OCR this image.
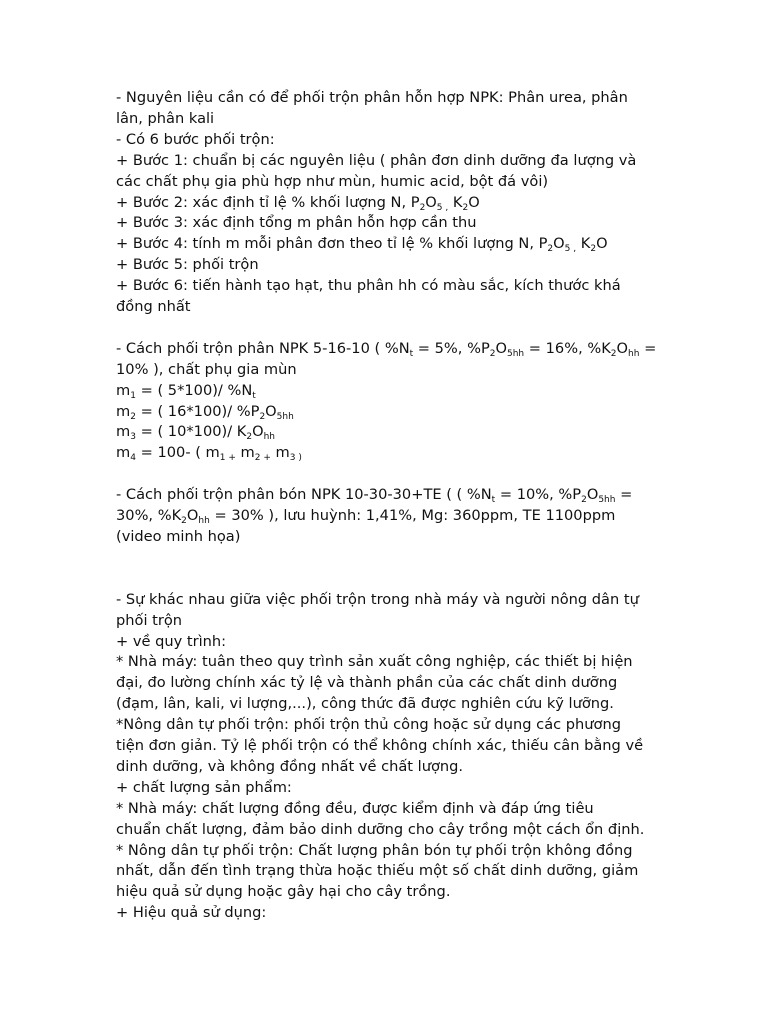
- Nguyên liệu cần có để phối trộn phân hỗn hợp NPK: Phân urea, phân
lân, phân kali
- Có 6 bước phối trộn:
+ Bước 1: chuẩn bị các nguyên liệu ( phân đơn dinh dưỡng đa lượng và
các chất phụ gia phù hợp như mùn, humic acid, bột đá vôi)
+ Bước 2: xác định tỉ lệ % khối lượng N, $P_2O_{5 ,}$ $K_2O$
+ Bước 3: xác định tổng m phân hỗn hợp cần thu
+ Bước 4: tính m mỗi phân đơn theo tỉ lệ % khối lượng N, $P_2O_{5 ,}$ $K_2O$
+ Bước 5: phối trộn
+ Bước 6: tiến hành tạo hạt, thu phân hh có màu sắc, kích thước khá
đồng nhất
- Cách phối trộn phân NPK 5-16-10 ( $\%N_t = 5\%$, $\%P_2O_{5hh} = 16\%$, $\%K_2O_{hh}$ =
10% ), chất phụ gia mùn
$m_1$ = ( 5*100)/ $\%N_t$
$m_2$ = ( 16*100)/ $\%P_2O_{5hh}$
$m_3$ = ( 10*100)/ $K_2O_{hh}$
$m_4 = 100-$ ( $m_{1 +}$ $m_{2 +}$ $m_{3 )}$
- Cách phối trộn phân bón NPK 10-30-30+TE ( ( $\%N_t = 10\%$, $\%P_2O_{5hh}$ =
30%, $\%K_2O_{hh} = 30\%$ ), lưu huỳnh: 1,41%, Mg: 360ppm, TE 1100ppm
(video minh họa)
- Sự khác nhau giữa việc phối trộn trong nhà máy và người nông dân tự
phối trộn
+ về quy trình:
* Nhà máy: tuân theo quy trình sản xuất công nghiệp, các thiết bị hiện
đại, đo lường chính xác tỷ lệ và thành phần của các chất dinh dưỡng
(đạm, lân, kali, vi lượng,...), công thức đã được nghiên cứu kỹ lưỡng.
*Nông dân tự phối trộn: phối trộn thủ công hoặc sử dụng các phương
tiện đơn giản. Tỷ lệ phối trộn có thể không chính xác, thiếu cân bằng về
dinh dưỡng, và không đồng nhất về chất lượng.
+ chất lượng sản phẩm:
* Nhà máy: chất lượng đồng đều, được kiểm định và đáp ứng tiêu
chuẩn chất lượng, đảm bảo dinh dưỡng cho cây trồng một cách ổn định.
* Nông dân tự phối trộn: Chất lượng phân bón tự phối trộn không đồng
nhất, dẫn đến tình trạng thừa hoặc thiếu một số chất dinh dưỡng, giảm
hiệu quả sử dụng hoặc gây hại cho cây trồng.
+ Hiệu quả sử dụng:
